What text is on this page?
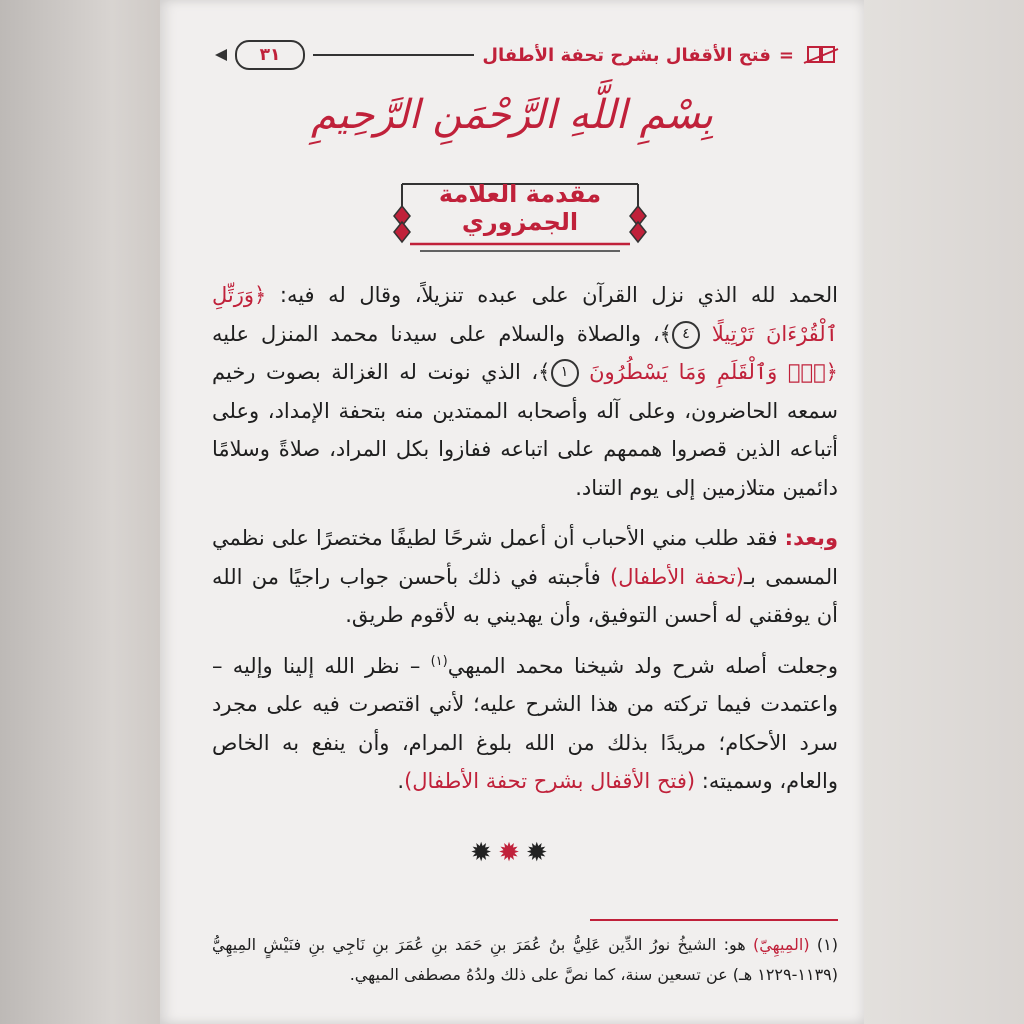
=
فتح الأقفال بشرح تحفة الأطفال
٣١
بِسْمِ اللَّهِ الرَّحْمَنِ الرَّحِيمِ
مقدمة العلامة الجمزوري

الحمد لله الذي نزل القرآن على عبده تنزيلاً، وقال له فيه: ﴿وَرَتِّلِ ٱلْقُرْءَانَ تَرْتِيلًا ٤﴾، والصلاة والسلام على سيدنا محمد المنزل عليه ﴿نٓۚ وَٱلْقَلَمِ وَمَا يَسْطُرُونَ ١﴾، الذي نونت له الغزالة بصوت رخيم سمعه الحاضرون، وعلى آله وأصحابه الممتدين منه بتحفة الإمداد، وعلى أتباعه الذين قصروا هممهم على اتباعه ففازوا بكل المراد، صلاةً وسلامًا دائمين متلازمين إلى يوم التناد.

وبعد: فقد طلب مني الأحباب أن أعمل شرحًا لطيفًا مختصرًا على نظمي المسمى بـ(تحفة الأطفال) فأجبته في ذلك بأحسن جواب راجيًا من الله أن يوفقني له أحسن التوفيق، وأن يهديني به لأقوم طريق.

وجعلت أصله شرح ولد شيخنا محمد الميهي$^{(١)}$ – نظر الله إلينا وإليه – واعتمدت فيما تركته من هذا الشرح عليه؛ لأني اقتصرت فيه على مجرد سرد الأحكام؛ مريدًا بذلك من الله بلوغ المرام، وأن ينفع به الخاص والعام، وسميته: (فتح الأقفال بشرح تحفة الأطفال).

✹✹✹
(١) (المِيهِيّ) هو: الشيخُ نورُ الدِّين عَلِيُّ بنُ عُمَرَ بنِ حَمَد بنِ عُمَرَ بنِ نَاجِي بنِ فنَيْشٍ المِيهِيُّ (١١٣٩-١٢٢٩ هـ) عن تسعين سنة، كما نصَّ على ذلك ولدُهُ مصطفى الميهي.
